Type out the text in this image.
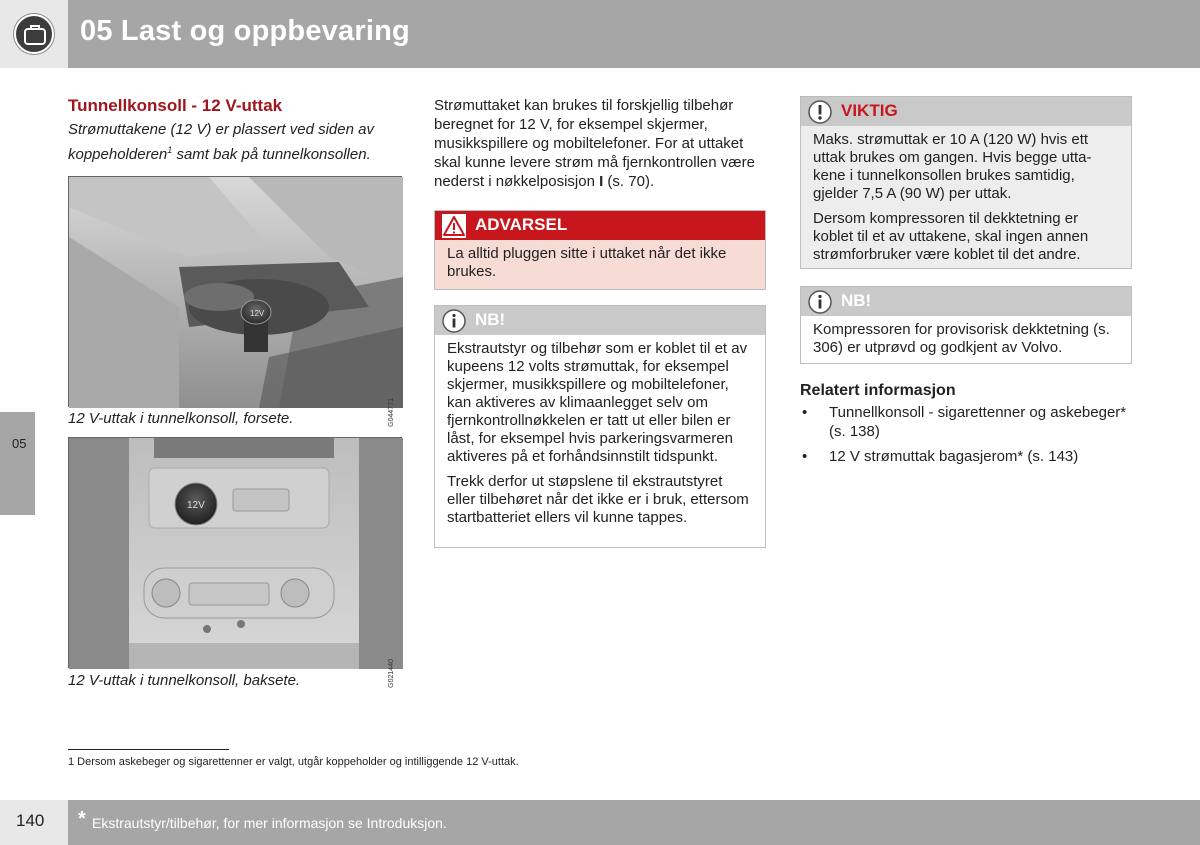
05 Last og oppbevaring
05
Tunnellkonsoll - 12 V-uttak
Strømuttakene (12 V) er plassert ved siden av koppeholderen$^1$ samt bak på tunnelkonsollen.
12V
G044771
12 V-uttak i tunnelkonsoll, forsete.
12V
G021440
12 V-uttak i tunnelkonsoll, baksete.
Strømuttaket kan brukes til forskjellig tilbehør beregnet for 12 V, for eksempel skjermer, musikkspillere og mobiltelefoner. For at uttaket skal kunne levere strøm må fjernkontrollen være nederst i nøkkelposisjon I (s. 70).
ADVARSEL
La alltid pluggen sitte i uttaket når det ikke brukes.
NB!

Ekstrautstyr og tilbehør som er koblet til et av kupeens 12 volts strømuttak, for eksempel skjermer, musikkspillere og mobiltelefoner, kan aktiveres av klimaanlegget selv om fjernkontrollnøkkelen er tatt ut eller bilen er låst, for eksempel hvis parkeringsvarmeren aktiveres på et forhåndsinnstilt tidspunkt.

Trekk derfor ut støpslene til ekstrautstyret eller tilbehøret når det ikke er i bruk, ettersom startbatteriet ellers vil kunne tappes.

VIKTIG

Maks. strømuttak er 10 A (120 W) hvis ett uttak brukes om gangen. Hvis begge uttakene i tunnelkonsollen brukes samtidig, gjelder 7,5 A (90 W) per uttak.

Dersom kompressoren til dekktetning er koblet til et av uttakene, skal ingen annen strømforbruker være koblet til det andre.

NB!
Kompressoren for provisorisk dekktetning (s. 306) er utprøvd og godkjent av Volvo.
Relatert informasjon
• Tunnellkonsoll - sigarettenner og askebeger* (s. 138)
• 12 V strømuttak bagasjerom* (s. 143)
1 Dersom askebeger og sigarettenner er valgt, utgår koppeholder og intilliggende 12 V-uttak.
140 * Ekstrautstyr/tilbehør, for mer informasjon se Introduksjon.
